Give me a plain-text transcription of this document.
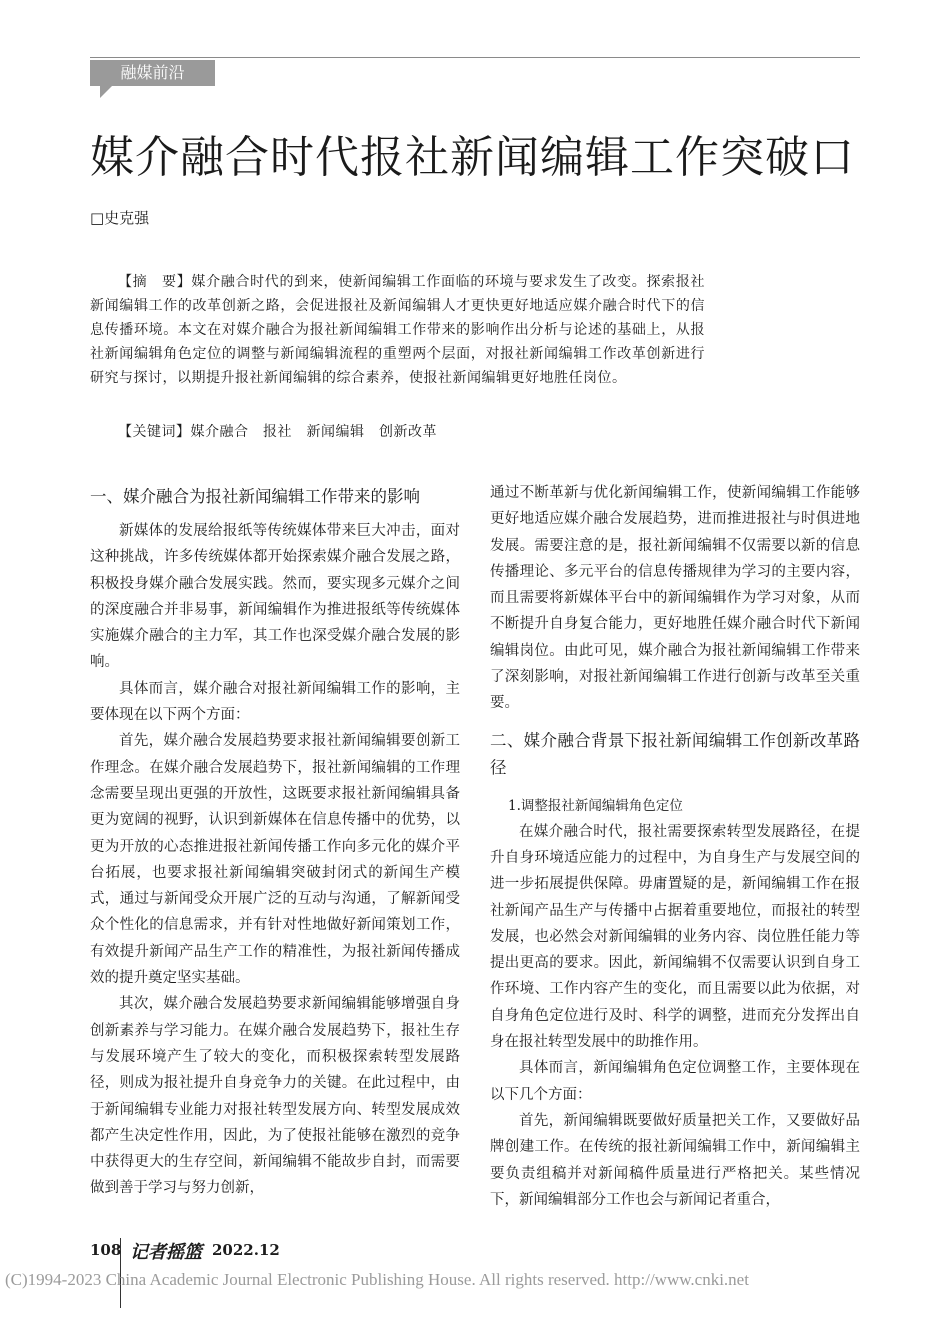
融媒前沿
媒介融合时代报社新闻编辑工作突破口
□史克强
【摘　要】媒介融合时代的到来，使新闻编辑工作面临的环境与要求发生了改变。探索报社新闻编辑工作的改革创新之路，会促进报社及新闻编辑人才更快更好地适应媒介融合时代下的信息传播环境。本文在对媒介融合为报社新闻编辑工作带来的影响作出分析与论述的基础上，从报社新闻编辑角色定位的调整与新闻编辑流程的重塑两个层面，对报社新闻编辑工作改革创新进行研究与探讨，以期提升报社新闻编辑的综合素养，使报社新闻编辑更好地胜任岗位。
【关键词】媒介融合　报社　新闻编辑　创新改革
一、媒介融合为报社新闻编辑工作带来的影响

新媒体的发展给报纸等传统媒体带来巨大冲击，面对这种挑战，许多传统媒体都开始探索媒介融合发展之路，积极投身媒介融合发展实践。然而，要实现多元媒介之间的深度融合并非易事，新闻编辑作为推进报纸等传统媒体实施媒介融合的主力军，其工作也深受媒介融合发展的影响。

具体而言，媒介融合对报社新闻编辑工作的影响，主要体现在以下两个方面：

首先，媒介融合发展趋势要求报社新闻编辑要创新工作理念。在媒介融合发展趋势下，报社新闻编辑的工作理念需要呈现出更强的开放性，这既要求报社新闻编辑具备更为宽阔的视野，认识到新媒体在信息传播中的优势，以更为开放的心态推进报社新闻传播工作向多元化的媒介平台拓展，也要求报社新闻编辑突破封闭式的新闻生产模式，通过与新闻受众开展广泛的互动与沟通，了解新闻受众个性化的信息需求，并有针对性地做好新闻策划工作，有效提升新闻产品生产工作的精准性，为报社新闻传播成效的提升奠定坚实基础。

其次，媒介融合发展趋势要求新闻编辑能够增强自身创新素养与学习能力。在媒介融合发展趋势下，报社生存与发展环境产生了较大的变化，而积极探索转型发展路径，则成为报社提升自身竞争力的关键。在此过程中，由于新闻编辑专业能力对报社转型发展方向、转型发展成效都产生决定性作用，因此，为了使报社能够在激烈的竞争中获得更大的生存空间，新闻编辑不能故步自封，而需要做到善于学习与努力创新，

通过不断革新与优化新闻编辑工作，使新闻编辑工作能够更好地适应媒介融合发展趋势，进而推进报社与时俱进地发展。需要注意的是，报社新闻编辑不仅需要以新的信息传播理论、多元平台的信息传播规律为学习的主要内容，而且需要将新媒体平台中的新闻编辑作为学习对象，从而不断提升自身复合能力，更好地胜任媒介融合时代下新闻编辑岗位。由此可见，媒介融合为报社新闻编辑工作带来了深刻影响，对报社新闻编辑工作进行创新与改革至关重要。

二、媒介融合背景下报社新闻编辑工作创新改革路径
1.调整报社新闻编辑角色定位

在媒介融合时代，报社需要探索转型发展路径，在提升自身环境适应能力的过程中，为自身生产与发展空间的进一步拓展提供保障。毋庸置疑的是，新闻编辑工作在报社新闻产品生产与传播中占据着重要地位，而报社的转型发展，也必然会对新闻编辑的业务内容、岗位胜任能力等提出更高的要求。因此，新闻编辑不仅需要认识到自身工作环境、工作内容产生的变化，而且需要以此为依据，对自身角色定位进行及时、科学的调整，进而充分发挥出自身在报社转型发展中的助推作用。

具体而言，新闻编辑角色定位调整工作，主要体现在以下几个方面：

首先，新闻编辑既要做好质量把关工作，又要做好品牌创建工作。在传统的报社新闻编辑工作中，新闻编辑主要负责组稿并对新闻稿件质量进行严格把关。某些情况下，新闻编辑部分工作也会与新闻记者重合，

108 记者摇篮 2022.12
(C)1994-2023 China Academic Journal Electronic Publishing House. All rights reserved. http://www.cnki.net
